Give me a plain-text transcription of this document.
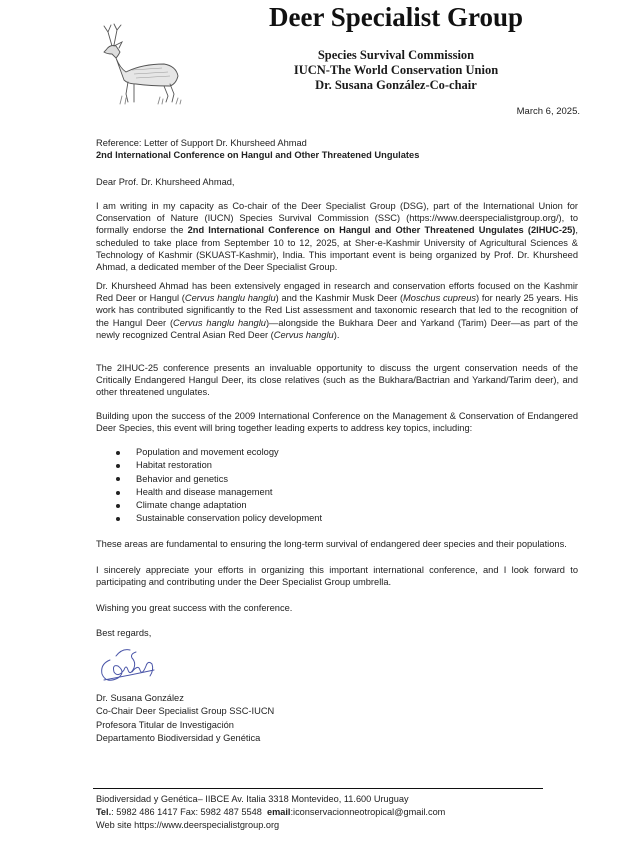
Deer Specialist Group
Species Survival Commission
IUCN-The World Conservation Union
Dr. Susana González-Co-chair
March 6, 2025.
Reference: Letter of Support Dr. Khursheed Ahmad
2nd International Conference on Hangul and Other Threatened Ungulates
Dear Prof. Dr. Khursheed Ahmad,
I am writing in my capacity as Co-chair of the Deer Specialist Group (DSG), part of the International Union for Conservation of Nature (IUCN) Species Survival Commission (SSC) (https://www.deerspecialistgroup.org/), to formally endorse the 2nd International Conference on Hangul and Other Threatened Ungulates (2IHUC-25), scheduled to take place from September 10 to 12, 2025, at Sher-e-Kashmir University of Agricultural Sciences & Technology of Kashmir (SKUAST-Kashmir), India. This important event is being organized by Prof. Dr. Khursheed Ahmad, a dedicated member of the Deer Specialist Group.
Dr. Khursheed Ahmad has been extensively engaged in research and conservation efforts focused on the Kashmir Red Deer or Hangul (Cervus hanglu hanglu) and the Kashmir Musk Deer (Moschus cupreus) for nearly 25 years. His work has contributed significantly to the Red List assessment and taxonomic research that led to the recognition of the Hangul Deer (Cervus hanglu hanglu)—alongside the Bukhara Deer and Yarkand (Tarim) Deer—as part of the newly recognized Central Asian Red Deer (Cervus hanglu).
The 2IHUC-25 conference presents an invaluable opportunity to discuss the urgent conservation needs of the Critically Endangered Hangul Deer, its close relatives (such as the Bukhara/Bactrian and Yarkand/Tarim deer), and other threatened ungulates.
Building upon the success of the 2009 International Conference on the Management & Conservation of Endangered Deer Species, this event will bring together leading experts to address key topics, including:
Population and movement ecology
Habitat restoration
Behavior and genetics
Health and disease management
Climate change adaptation
Sustainable conservation policy development
These areas are fundamental to ensuring the long-term survival of endangered deer species and their populations.
I sincerely appreciate your efforts in organizing this important international conference, and I look forward to participating and contributing under the Deer Specialist Group umbrella.
Wishing you great success with the conference.
Best regards,
Dr. Susana González
Co-Chair Deer Specialist Group SSC-IUCN
Profesora Titular de Investigación
Departamento Biodiversidad y Genética
Biodiversidad y Genética– IIBCE Av. Italia 3318 Montevideo, 11.600 Uruguay
Tel.: 5982 486 1417 Fax: 5982 487 5548  email:iconservacionneotropical@gmail.com
Web site https://www.deerspecialistgroup.org
